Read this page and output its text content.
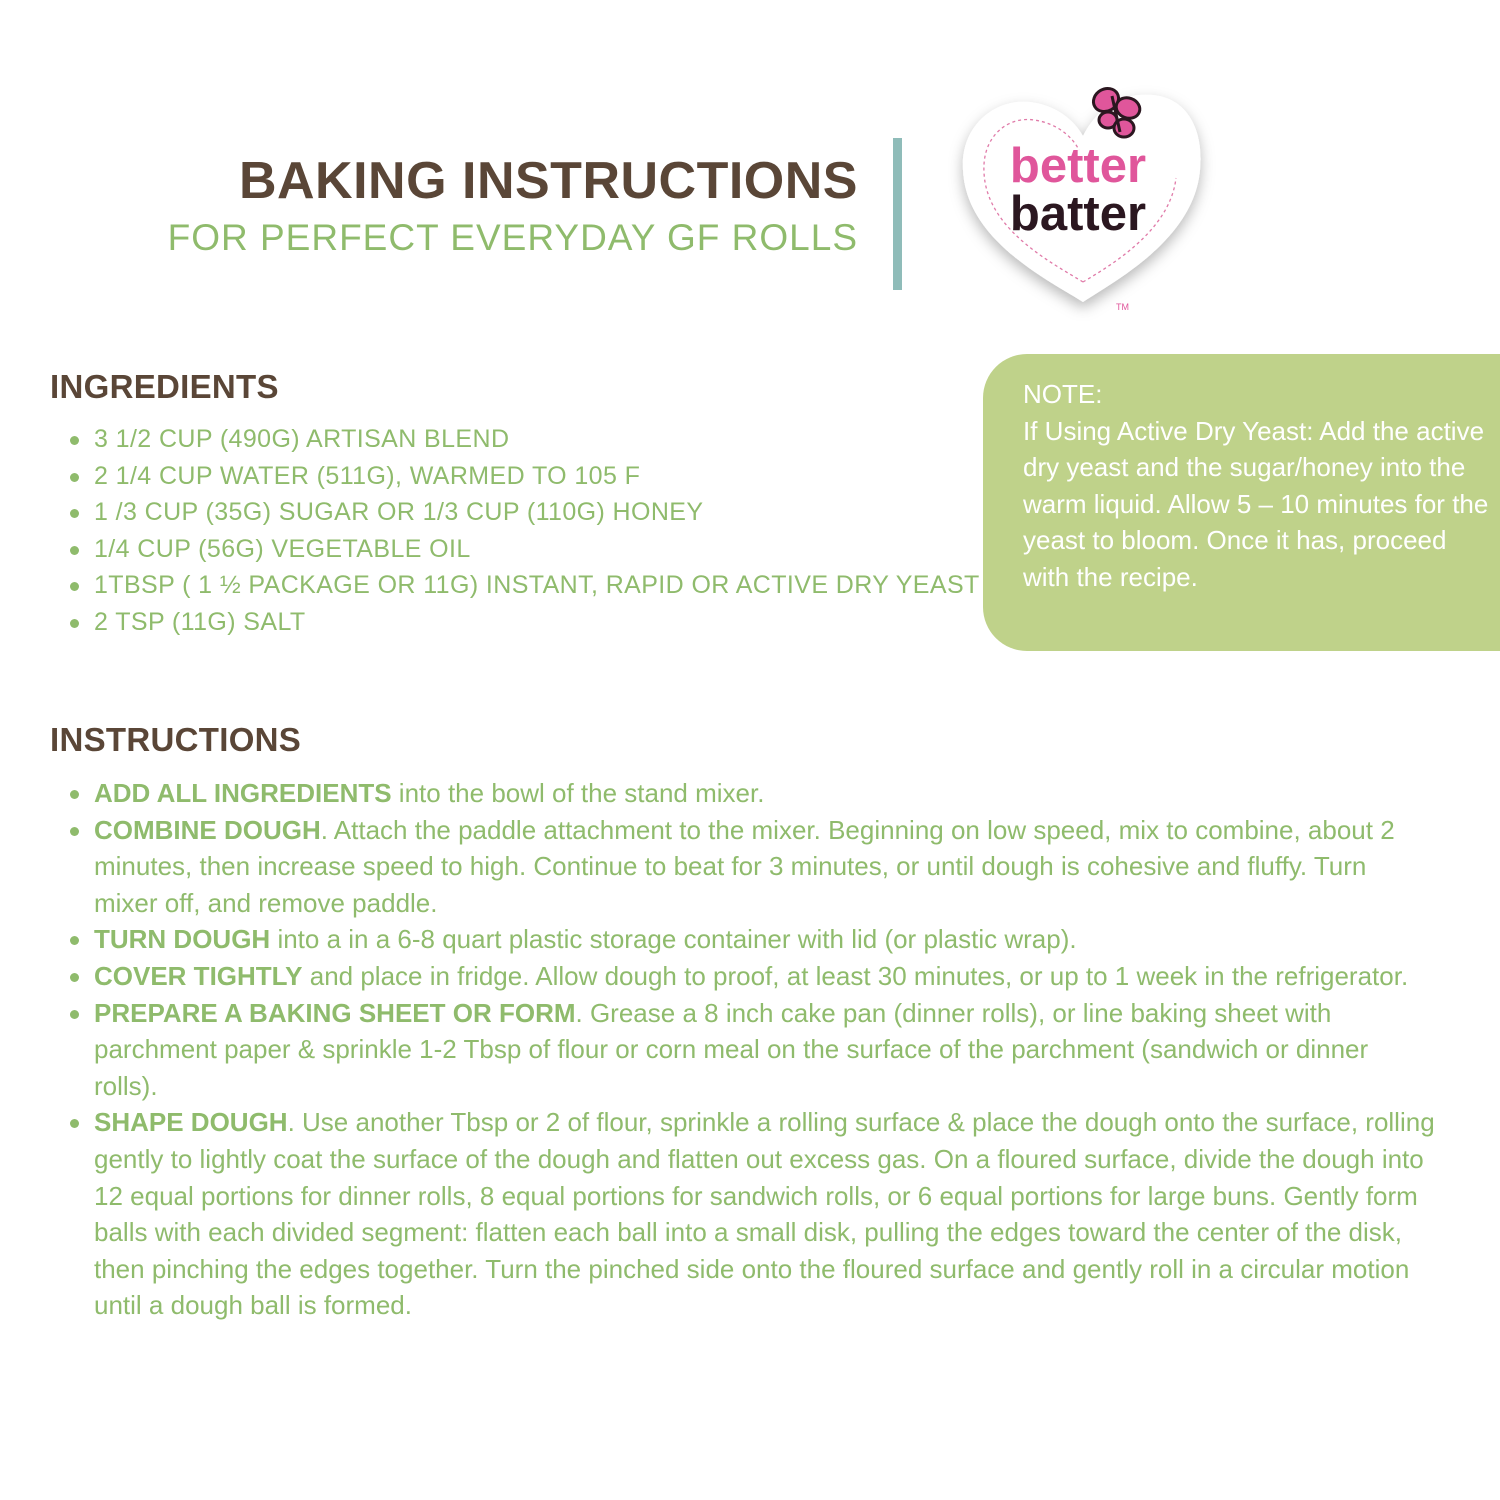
BAKING INSTRUCTIONS
FOR PERFECT EVERYDAY GF ROLLS
better
batter
TM
INGREDIENTS
3 1/2 CUP (490G) ARTISAN BLEND
2 1/4 CUP WATER (511G), WARMED TO 105 F
1 /3 CUP (35G) SUGAR OR 1/3 CUP (110G) HONEY
1/4 CUP (56G) VEGETABLE OIL
1TBSP ( 1 ½ PACKAGE OR 11G) INSTANT, RAPID OR ACTIVE DRY YEAST
2 TSP (11G) SALT

NOTE:

If Using Active Dry Yeast: Add the active dry yeast and the sugar/honey into the warm liquid. Allow 5 – 10 minutes for the yeast to bloom. Once it has, proceed with the recipe.

INSTRUCTIONS
ADD ALL INGREDIENTS into the bowl of the stand mixer.
COMBINE DOUGH. Attach the paddle attachment to the mixer. Beginning on low speed, mix to combine, about 2 minutes, then increase speed to high. Continue to beat for 3 minutes, or until dough is cohesive and fluffy. Turn mixer off, and remove paddle.
TURN DOUGH into a in a 6-8 quart plastic storage container with lid (or plastic wrap).
COVER TIGHTLY and place in fridge. Allow dough to proof, at least 30 minutes, or up to 1 week in the refrigerator.
PREPARE A BAKING SHEET OR FORM. Grease a 8 inch cake pan (dinner rolls), or line baking sheet with parchment paper & sprinkle 1-2 Tbsp of flour or corn meal on the surface of the parchment (sandwich or dinner rolls).
SHAPE DOUGH. Use another Tbsp or 2 of flour, sprinkle a rolling surface & place the dough onto the surface, rolling gently to lightly coat the surface of the dough and flatten out excess gas. On a floured surface, divide the dough into 12 equal portions for dinner rolls, 8 equal portions for sandwich rolls, or 6 equal portions for large buns. Gently form balls with each divided segment: flatten each ball into a small disk, pulling the edges toward the center of the disk, then pinching the edges together. Turn the pinched side onto the floured surface and gently roll in a circular motion until a dough ball is formed.
